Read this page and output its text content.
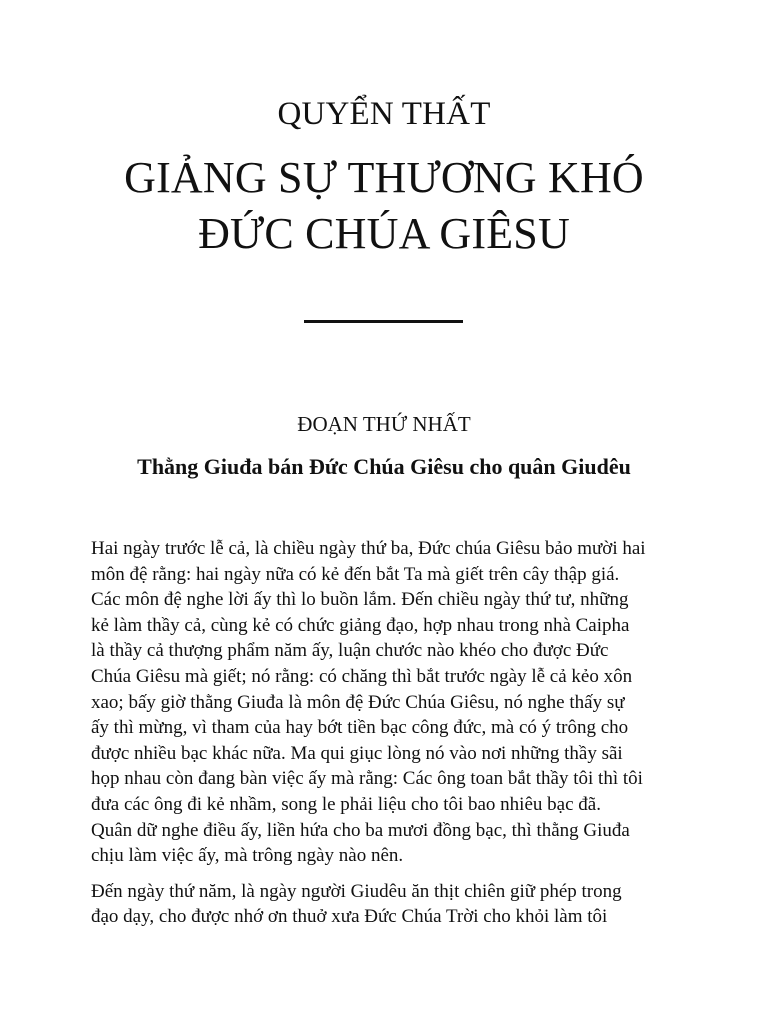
QUYỂN THẤT
GIẢNG SỰ THƯƠNG KHÓ
ĐỨC CHÚA GIÊSU
ĐOẠN THỨ NHẤT
Thằng Giuđa bán Đức Chúa Giêsu cho quân Giudêu
Hai ngày trước lễ cả, là chiều ngày thứ ba, Đức chúa Giêsu bảo mười hai
môn đệ rằng: hai ngày nữa có kẻ đến bắt Ta mà giết trên cây thập giá.
Các môn đệ nghe lời ấy thì lo buồn lắm. Đến chiều ngày thứ tư, những
kẻ làm thầy cả, cùng kẻ có chức giảng đạo, hợp nhau trong nhà Caipha
là thầy cả thượng phẩm năm ấy, luận chước nào khéo cho được Đức
Chúa Giêsu mà giết; nó rằng: có chăng thì bắt trước ngày lễ cả kẻo xôn
xao; bấy giờ thằng Giuđa là môn đệ Đức Chúa Giêsu, nó nghe thấy sự
ấy thì mừng, vì tham của hay bớt tiền bạc công đức, mà có ý trông cho
được nhiều bạc khác nữa. Ma qui giục lòng nó vào nơi những thầy sãi
họp nhau còn đang bàn việc ấy mà rằng: Các ông toan bắt thầy tôi thì tôi
đưa các ông đi kẻ nhầm, song le phải liệu cho tôi bao nhiêu bạc đã.
Quân dữ nghe điều ấy, liền hứa cho ba mươi đồng bạc, thì thằng Giuđa
chịu làm việc ấy, mà trông ngày nào nên.
Đến ngày thứ năm, là ngày người Giudêu ăn thịt chiên giữ phép trong
đạo dạy, cho được nhớ ơn thuở xưa Đức Chúa Trời cho khỏi làm tôi
